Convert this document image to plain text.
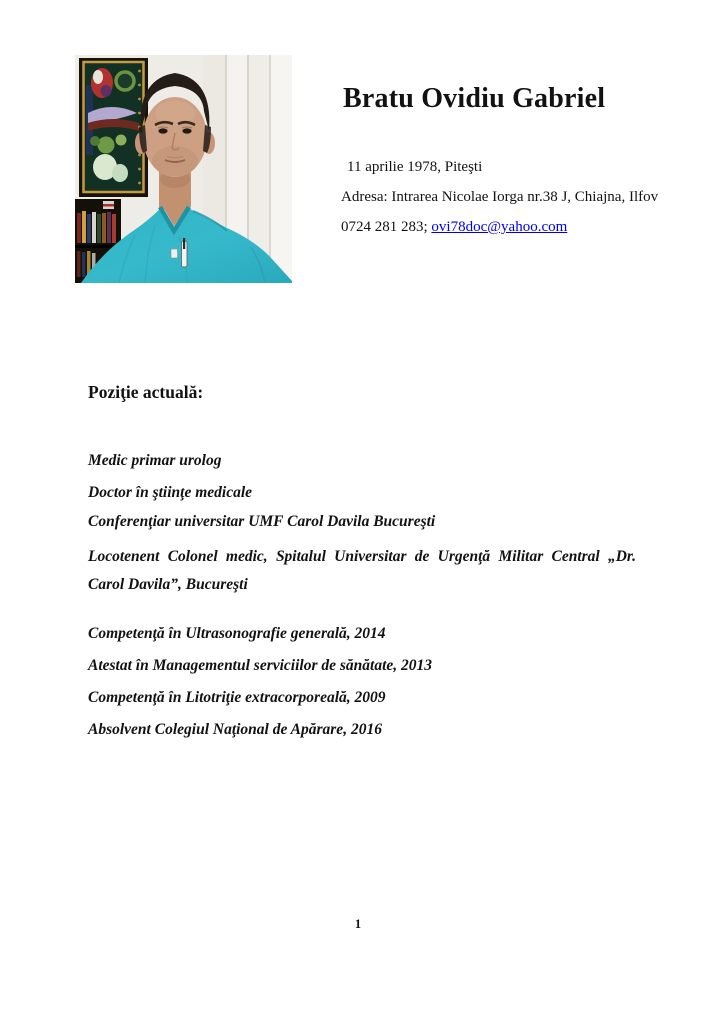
Bratu Ovidiu Gabriel
11 aprilie 1978, Piteşti
Adresa: Intrarea Nicolae Iorga nr.38 J, Chiajna, Ilfov
0724 281 283; ovi78doc@yahoo.com
Poziţie actuală:
Medic primar urolog
Doctor în ştiinţe medicale
Conferenţiar universitar UMF Carol Davila Bucureşti
Locotenent Colonel medic, Spitalul Universitar de Urgenţă Militar Central „Dr. Carol Davila”, Bucureşti
Competenţă în Ultrasonografie generală, 2014
Atestat în Managementul serviciilor de sănătate, 2013
Competenţă în Litotriţie extracorporeală, 2009
Absolvent Colegiul Naţional de Apărare, 2016
1
